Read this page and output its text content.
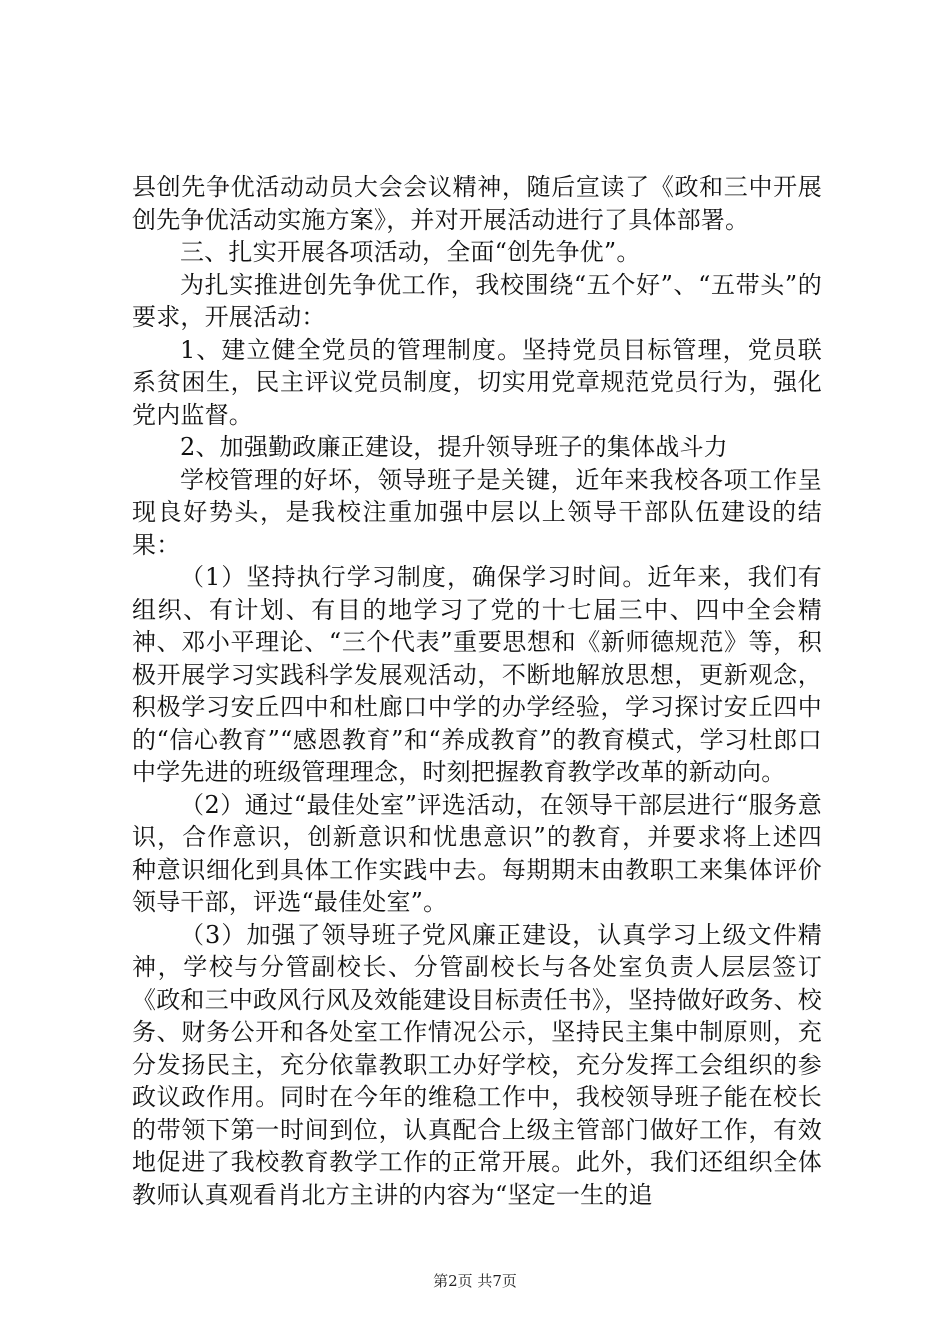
县创先争优活动动员大会会议精神，随后宣读了《政和三中开展创先争优活动实施方案》，并对开展活动进行了具体部署。

三、扎实开展各项活动，全面“创先争优”。

为扎实推进创先争优工作，我校围绕“五个好”、“五带头”的要求，开展活动：

1、建立健全党员的管理制度。坚持党员目标管理，党员联系贫困生，民主评议党员制度，切实用党章规范党员行为，强化党内监督。

2、加强勤政廉正建设，提升领导班子的集体战斗力

学校管理的好坏，领导班子是关键，近年来我校各项工作呈现良好势头，是我校注重加强中层以上领导干部队伍建设的结果：

（1）坚持执行学习制度，确保学习时间。近年来，我们有组织、有计划、有目的地学习了党的十七届三中、四中全会精神、邓小平理论、“三个代表”重要思想和《新师德规范》等，积极开展学习实践科学发展观活动，不断地解放思想，更新观念，积极学习安丘四中和杜廊口中学的办学经验，学习探讨安丘四中的“信心教育”“感恩教育”和“养成教育”的教育模式，学习杜郎口中学先进的班级管理理念，时刻把握教育教学改革的新动向。

（2）通过“最佳处室”评选活动，在领导干部层进行“服务意识，合作意识，创新意识和忧患意识”的教育，并要求将上述四种意识细化到具体工作实践中去。每期期末由教职工来集体评价领导干部，评选“最佳处室”。

（3）加强了领导班子党风廉正建设，认真学习上级文件精神，学校与分管副校长、分管副校长与各处室负责人层层签订《政和三中政风行风及效能建设目标责任书》，坚持做好政务、校务、财务公开和各处室工作情况公示，坚持民主集中制原则，充分发扬民主，充分依靠教职工办好学校，充分发挥工会组织的参政议政作用。同时在今年的维稳工作中，我校领导班子能在校长的带领下第一时间到位，认真配合上级主管部门做好工作，有效地促进了我校教育教学工作的正常开展。此外，我们还组织全体教师认真观看肖北方主讲的内容为“坚定一生的追

第2页 共7页
